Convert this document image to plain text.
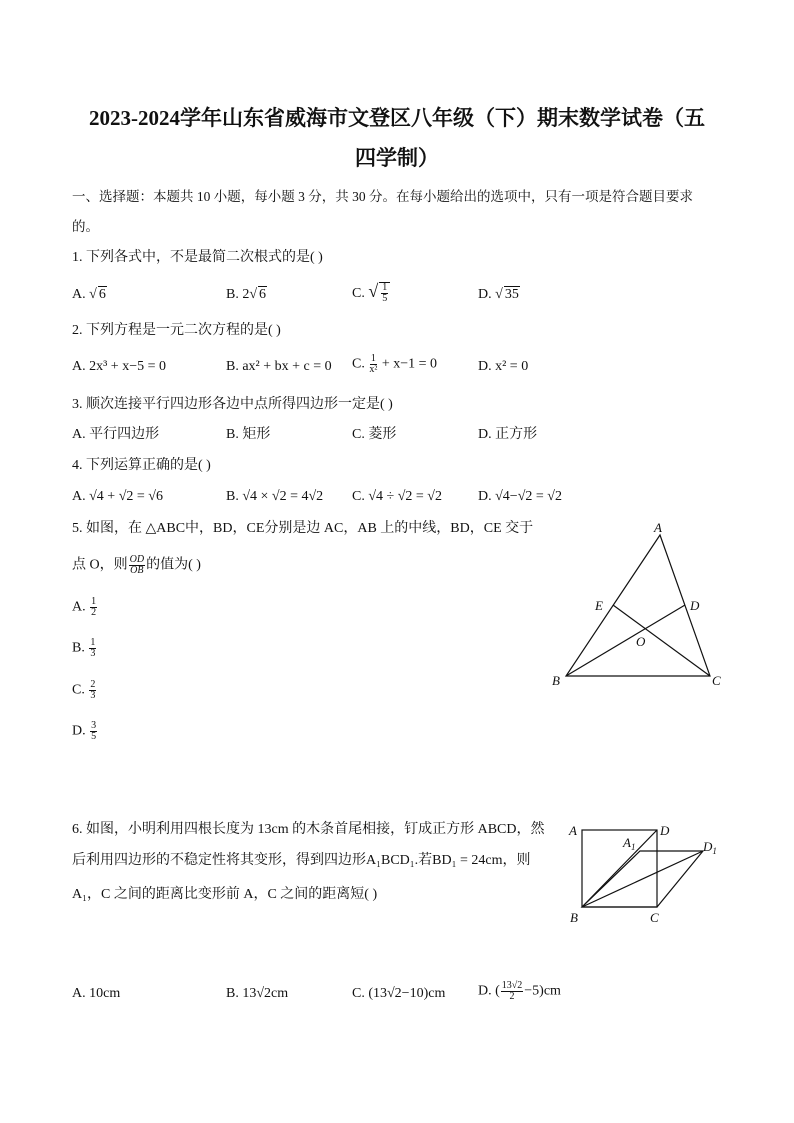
2023-2024学年山东省威海市文登区八年级（下）期末数学试卷（五
四学制）
一、选择题：本题共 10 小题，每小题 3 分，共 30 分。在每小题给出的选项中，只有一项是符合题目要求
的。
1. 下列各式中，不是最简二次根式的是( )
A. √ 6	B. 2 √ 6	C. √ $\frac{1}{5}$	D. √ 35
2. 下列方程是一元二次方程的是( )
A. 2x³ + x−5 = 0	B. ax² + bx + c = 0 C. $\frac{1}{\text{x²}} + x-1 = 0$	D. x² = 0
3. 顺次连接平行四边形各边中点所得四边形一定是( )
A. 平行四边形	B. 矩形	C. 菱形	D. 正方形
4. 下列运算正确的是( )
A. √4 + √2 = √6	B. √4 × √2 = 4√2 C. √4 ÷ √2 = √2	D. √4−√2 = √2
5. 如图，在 △ABC中，BD，CE分别是边 AC，AB 上的中线，BD，CE 交于
点 O，则 $\frac{OD}{OB}$ 的值为( )
A. $\frac{1}{2}$
B. $\frac{1}{3}$
C. $\frac{2}{3}$
D. $\frac{3}{5}$
A
B	C
D
E
O
6. 如图，小明利用四根长度为 13cm 的木条首尾相接，钉成正方形 ABCD，然
后利用四边形的不稳定性将其变形，得到四边形A₁BCD₁.若BD₁ = 24cm，则
A₁，C 之间的距离比变形前 A，C 之间的距离短( )
A. 10cm	B. 13√2cm	C. (13√2−10)cm D. ( $\frac{13√2}{2} -5)cm$
A	D
$A_1$	$D_1$
B	C
